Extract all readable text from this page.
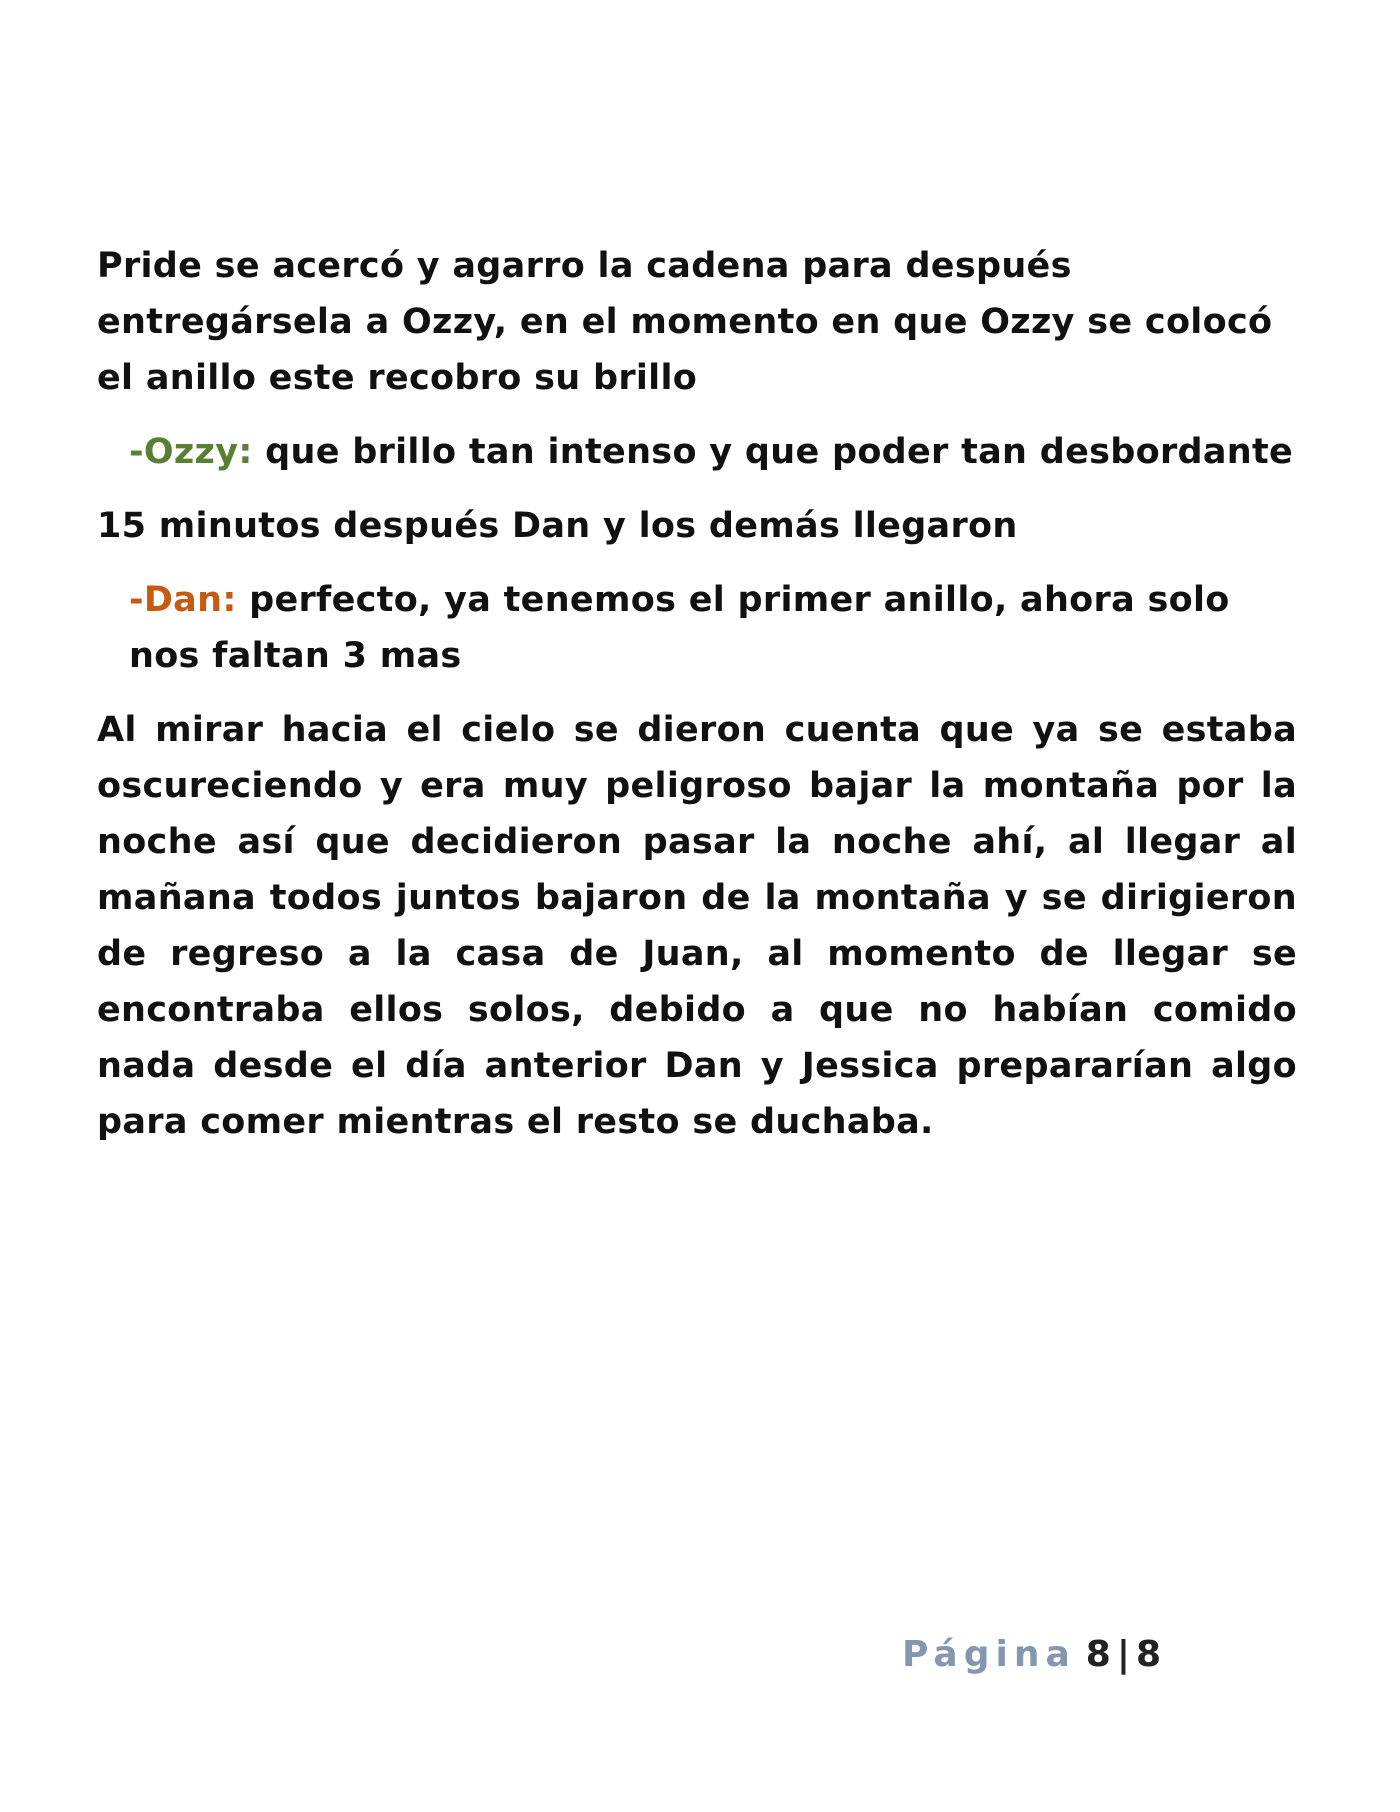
Pride se acercó y agarro la cadena para después entregársela a Ozzy, en el momento en que Ozzy se colocó el anillo este recobro su brillo

-Ozzy: que brillo tan intenso y que poder tan desbordante

15 minutos después Dan y los demás llegaron

-Dan: perfecto, ya tenemos el primer anillo, ahora solo nos faltan 3 mas

Al mirar hacia el cielo se dieron cuenta que ya se estaba oscureciendo y era muy peligroso bajar la montaña por la noche así que decidieron pasar la noche ahí, al llegar al mañana todos juntos bajaron de la montaña y se dirigieron de regreso a la casa de Juan, al momento de llegar se encontraba ellos solos, debido a que no habían comido nada desde el día anterior Dan y Jessica prepararían algo para comer mientras el resto se duchaba.

Página 8 | 8
